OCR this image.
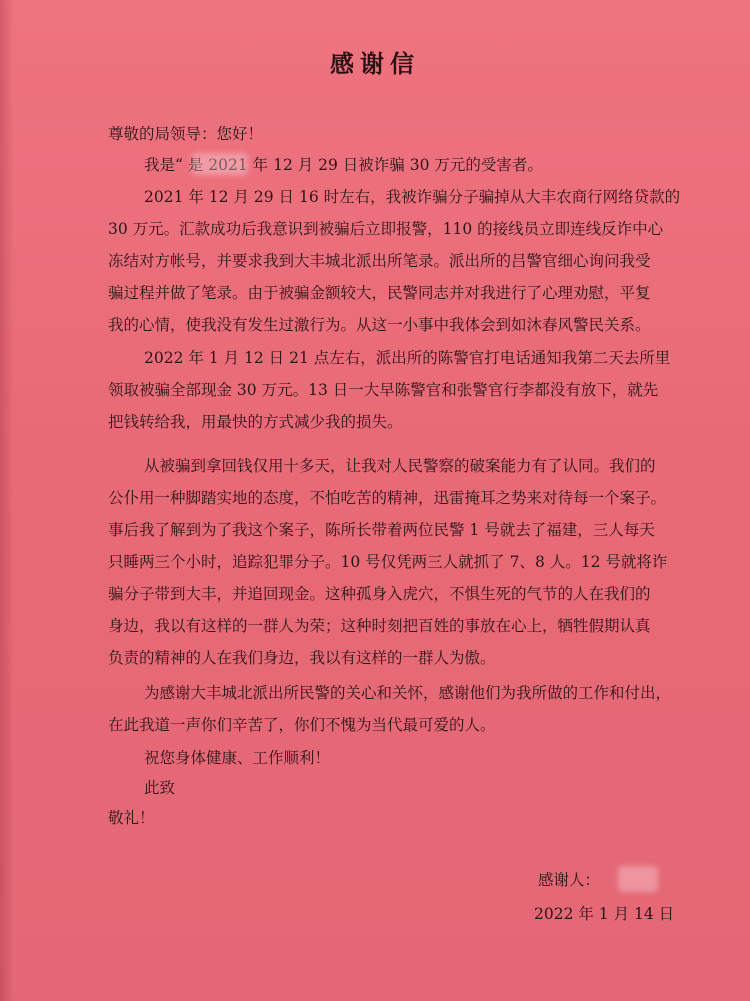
感谢信
尊敬的局领导：您好！
我是“ 是 2021 年 12 月 29 日被诈骗 30 万元的受害者。
2021 年 12 月 29 日 16 时左右，我被诈骗分子骗掉从大丰农商行网络贷款的
30 万元。汇款成功后我意识到被骗后立即报警，110 的接线员立即连线反诈中心
冻结对方帐号，并要求我到大丰城北派出所笔录。派出所的吕警官细心询问我受
骗过程并做了笔录。由于被骗金额较大，民警同志并对我进行了心理劝慰，平复
我的心情，使我没有发生过激行为。从这一小事中我体会到如沐春风警民关系。
2022 年 1 月 12 日 21 点左右，派出所的陈警官打电话通知我第二天去所里
领取被骗全部现金 30 万元。13 日一大早陈警官和张警官行李都没有放下，就先
把钱转给我，用最快的方式减少我的损失。
从被骗到拿回钱仅用十多天，让我对人民警察的破案能力有了认同。我们的
公仆用一种脚踏实地的态度，不怕吃苦的精神，迅雷掩耳之势来对待每一个案子。
事后我了解到为了我这个案子，陈所长带着两位民警 1 号就去了福建，三人每天
只睡两三个小时，追踪犯罪分子。10 号仅凭两三人就抓了 7、8 人。12 号就将诈
骗分子带到大丰，并追回现金。这种孤身入虎穴，不惧生死的气节的人在我们的
身边，我以有这样的一群人为荣；这种时刻把百姓的事放在心上，牺牲假期认真
负责的精神的人在我们身边，我以有这样的一群人为傲。
为感谢大丰城北派出所民警的关心和关怀，感谢他们为我所做的工作和付出，
在此我道一声你们辛苦了，你们不愧为当代最可爱的人。
祝您身体健康、工作顺利！
此致
敬礼！
感谢人：
2022 年 1 月 14 日
